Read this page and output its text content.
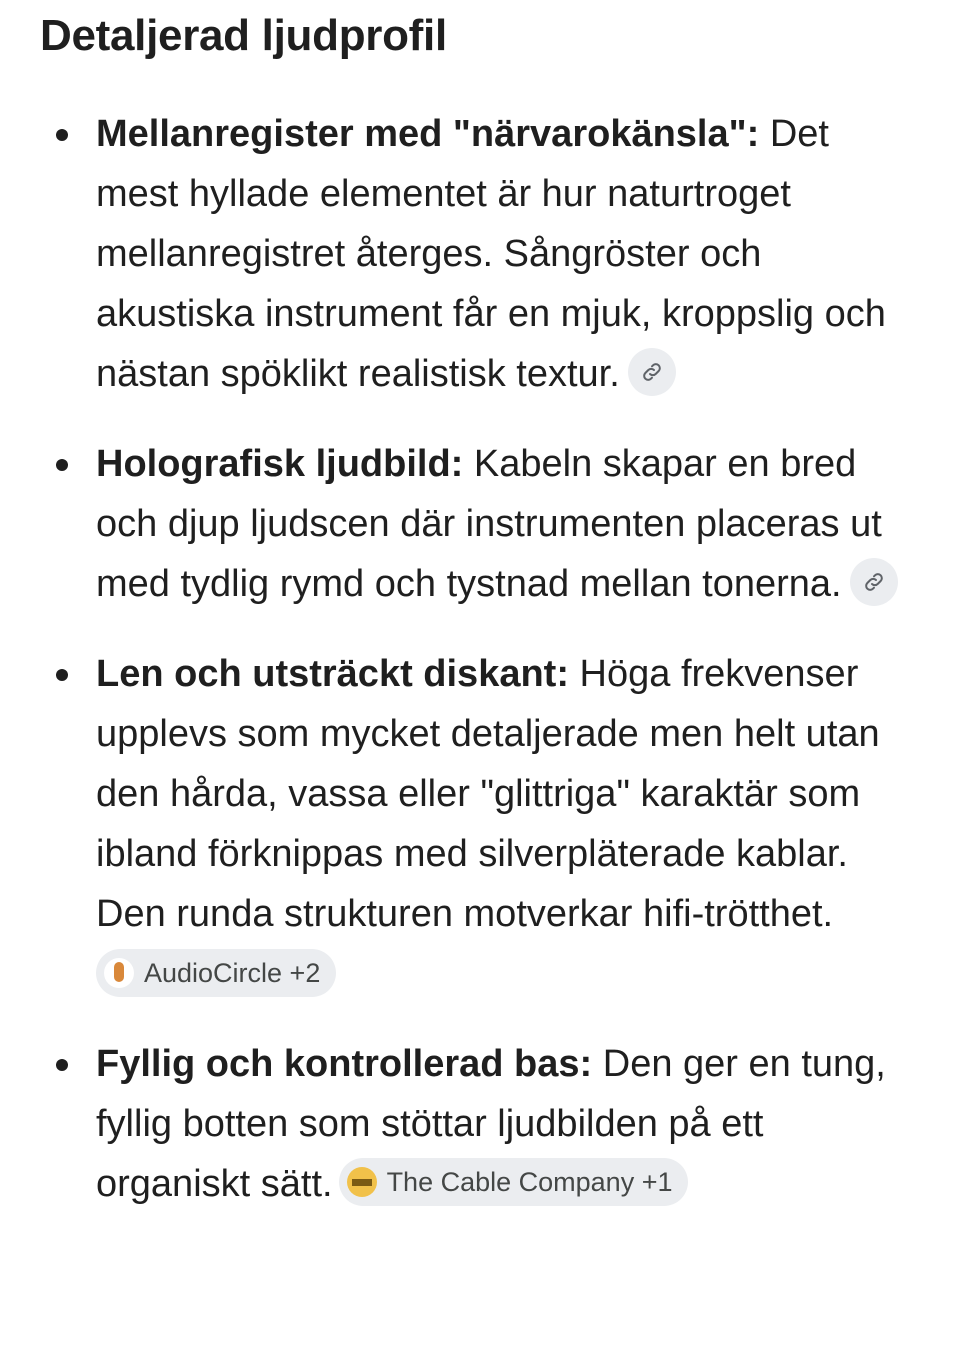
Detaljerad ljudprofil
Mellanregister med "närvarokänsla": Det mest hyllade elementet är hur naturtroget mellanregistret återges. Sångröster och akustiska instrument får en mjuk, kroppslig och nästan spöklikt realistisk textur.
Holografisk ljudbild: Kabeln skapar en bred och djup ljudscen där instrumenten placeras ut med tydlig rymd och tystnad mellan tonerna.
Len och utsträckt diskant: Höga frekvenser upplevs som mycket detaljerade men helt utan den hårda, vassa eller "glittriga" karaktär som ibland förknippas med silverpläterade kablar. Den runda strukturen motverkar hifi-trötthet.
AudioCircle +2
Fyllig och kontrollerad bas: Den ger en tung, fyllig botten som stöttar ljudbilden på ett organiskt sätt. The Cable Company +1
